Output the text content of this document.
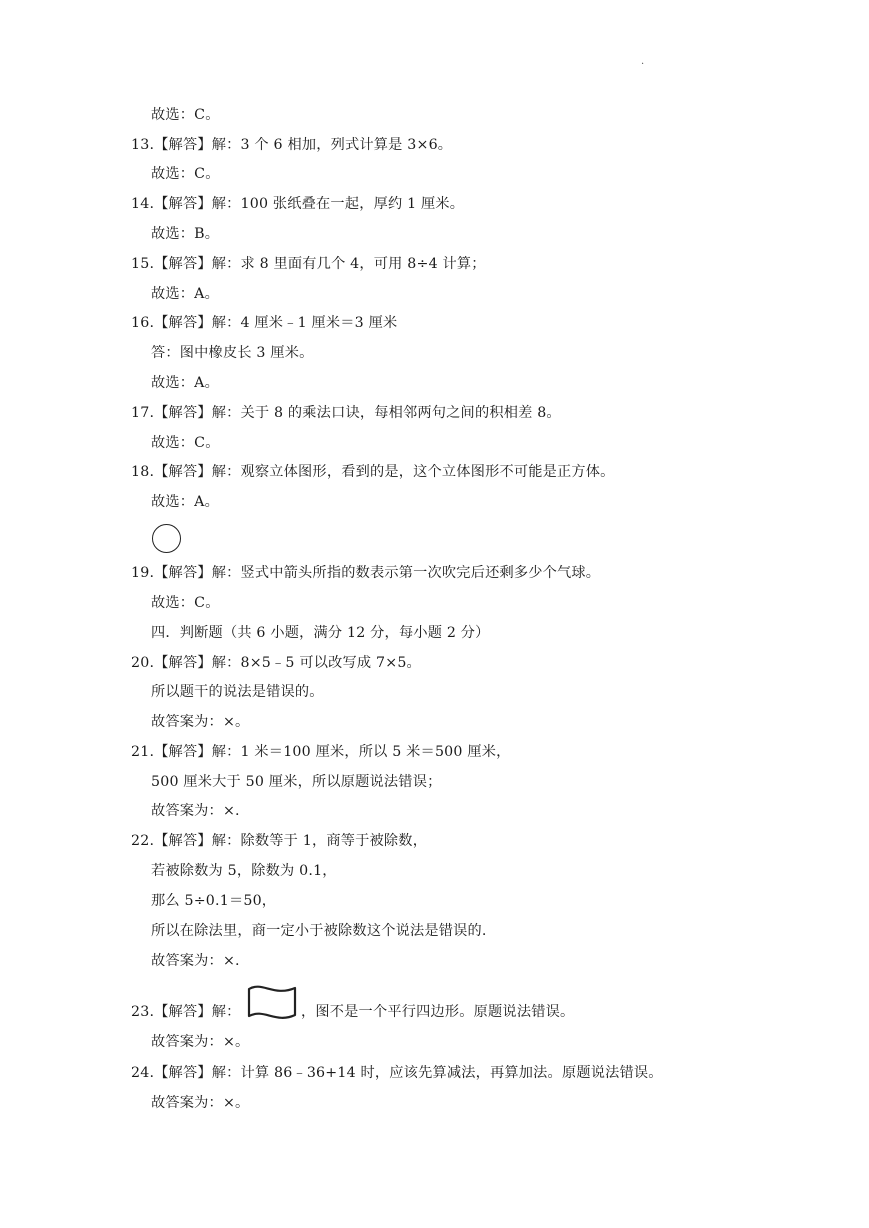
.
故选：C。
13.【解答】解：3 个 6 相加，列式计算是 3×6。
故选：C。
14.【解答】解：100 张纸叠在一起，厚约 1 厘米。
故选：B。
15.【解答】解：求 8 里面有几个 4，可用 8÷4 计算；
故选：A。
16.【解答】解：4 厘米﹣1 厘米＝3 厘米
答：图中橡皮长 3 厘米。
故选：A。
17.【解答】解：关于 8 的乘法口诀，每相邻两句之间的积相差 8。
故选：C。
18.【解答】解：观察立体图形，看到的是，这个立体图形不可能是正方体。
故选：A。
19.【解答】解：竖式中箭头所指的数表示第一次吹完后还剩多少个气球。
故选：C。
四．判断题（共 6 小题，满分 12 分，每小题 2 分）
20.【解答】解：8×5﹣5 可以改写成 7×5。
所以题干的说法是错误的。
故答案为：×。
21.【解答】解：1 米＝100 厘米，所以 5 米＝500 厘米，
500 厘米大于 50 厘米，所以原题说法错误；
故答案为：×.
22.【解答】解：除数等于 1，商等于被除数，
若被除数为 5，除数为 0.1，
那么 5÷0.1＝50，
所以在除法里，商一定小于被除数这个说法是错误的.
故答案为：×.
23.【解答】解：	，图不是一个平行四边形。原题说法错误。
故答案为：×。
24.【解答】解：计算 86﹣36+14 时，应该先算减法，再算加法。原题说法错误。
故答案为：×。
